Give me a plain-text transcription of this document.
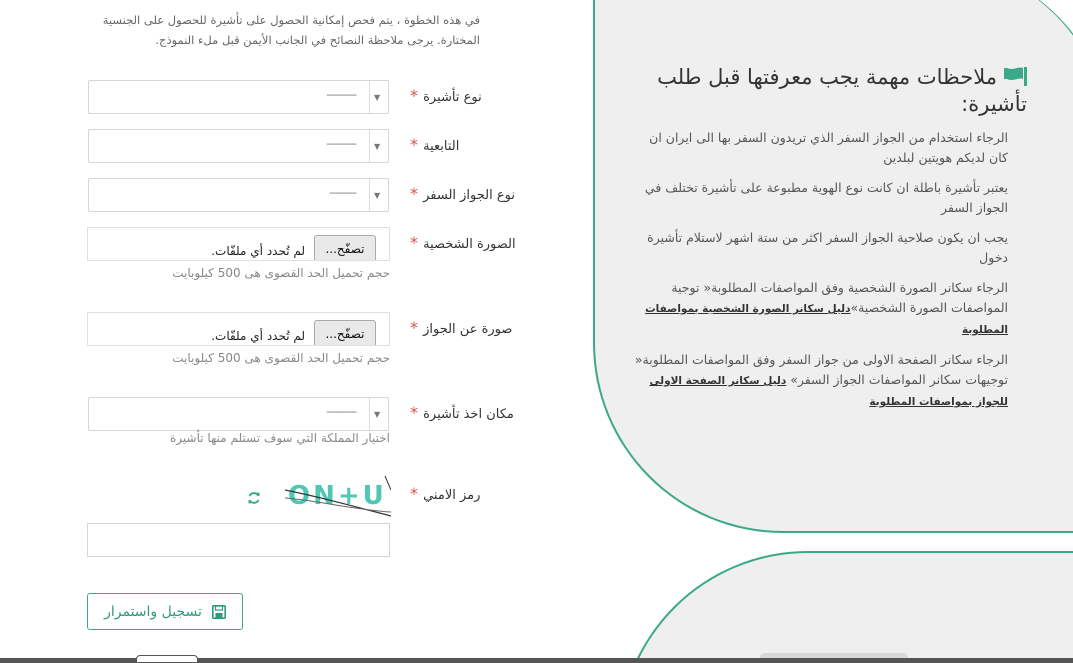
ملاحظات مهمة يجب معرفتها قبل طلب تأشيرة:
الرجاء استخدام من الجواز السفر الذي تريدون السفر بها الى ايران ان كان لديكم هويتين لبلدين
يعتبر تأشيرة باطلة ان كانت نوع الهوية مطبوعة على تأشيرة تختلف في الجواز السفر
يجب ان يكون صلاحية الجواز السفر اكثر من ستة اشهر لاستلام تأشيرة دخول
الرجاء سكانر الصورة الشخصية وفق المواصفات المطلوبة« توجية المواصفات الصورة الشخصية»دليل سكانر الصورة الشخصية بمواصفات المطلوبة
الرجاء سكانر الصفحة الاولى من جواز السفر وفق المواصفات المطلوبة« توجيهات سكانر المواصفات الجواز السفر» دليل سكانر الصفحة الاولى للجواز بمواصفات المطلوبة
في هذه الخطوة ، يتم فحص إمكانية الحصول على تأشيرة للحصول على الجنسية المختارة. يرجى ملاحظة النصائح في الجانب الأيمن قبل ملء النموذج.
نوع تأشيرة *
---------- ▼
التابعية *
---------- ▼
نوع الجواز السفر *
--------- ▼
الصورة الشخصية *
تصفّح...
لم تُحدد أي ملفّات.
حجم تحميل الحد القصوى هى 500 كيلوبايت
صورة عن الجواز *
تصفّح...
لم تُحدد أي ملفّات.
حجم تحميل الحد القصوى هى 500 كيلوبايت
مكان اخذ تأشيرة *
---------- ▼
اختيار المملكة التي سوف تستلم منها تأشيرة
رمز الامني *
ON+U
تسجيل واستمرار
